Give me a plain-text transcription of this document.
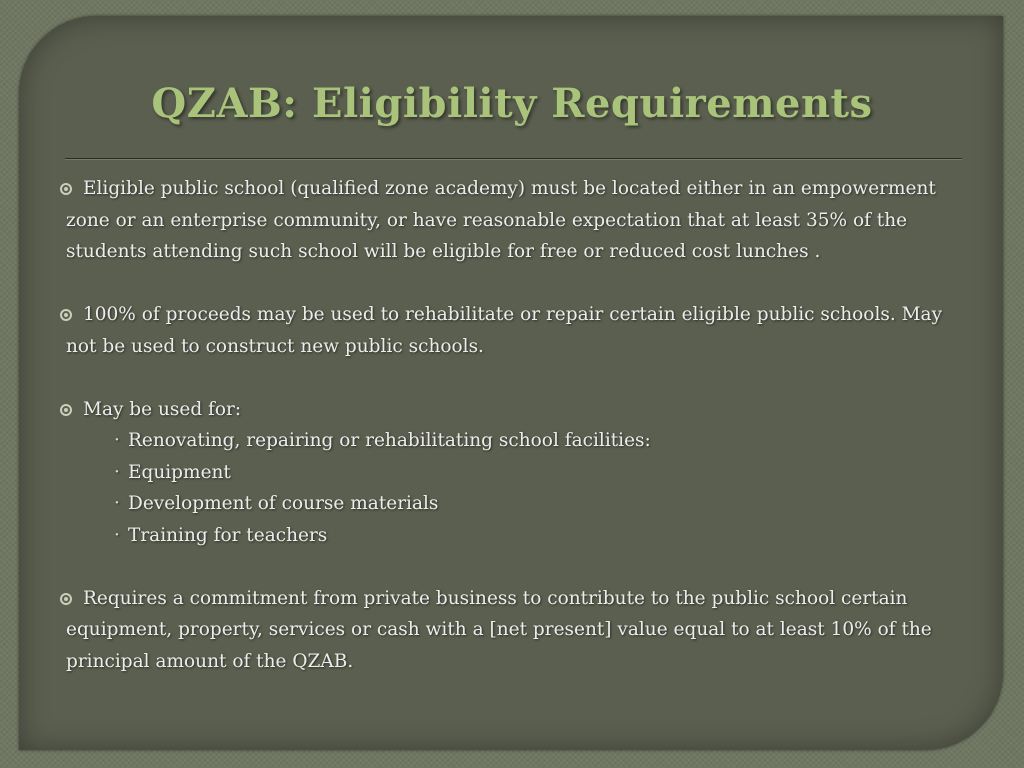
QZAB: Eligibility Requirements

Eligible public school (qualified zone academy) must be located either in an empowerment zone or an enterprise community, or have reasonable expectation that at least 35% of the students attending such school will be eligible for free or reduced cost lunches .

100% of proceeds may be used to rehabilitate or repair certain eligible public schools. May not be used to construct new public schools.

May be used for:
· Renovating, repairing or rehabilitating school facilities:
· Equipment
· Development of course materials
· Training for teachers

Requires a commitment from private business to contribute to the public school certain equipment, property, services or cash with a [net present] value equal to at least 10% of the principal amount of the QZAB.
